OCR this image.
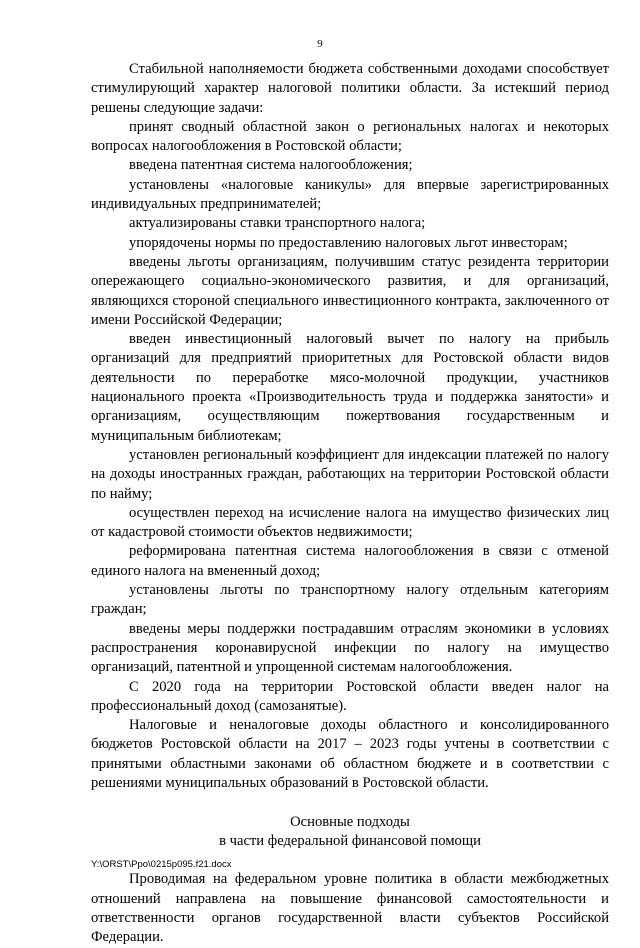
9

Стабильной наполняемости бюджета собственными доходами способствует стимулирующий характер налоговой политики области. За истекший период решены следующие задачи:

принят сводный областной закон о региональных налогах и некоторых вопросах налогообложения в Ростовской области;

введена патентная система налогообложения;

установлены «налоговые каникулы» для впервые зарегистрированных индивидуальных предпринимателей;

актуализированы ставки транспортного налога;

упорядочены нормы по предоставлению налоговых льгот инвесторам;

введены льготы организациям, получившим статус резидента территории опережающего социально-экономического развития, и для организаций, являющихся стороной специального инвестиционного контракта, заключенного от имени Российской Федерации;

введен инвестиционный налоговый вычет по налогу на прибыль организаций для предприятий приоритетных для Ростовской области видов деятельности по переработке мясо-молочной продукции, участников национального проекта «Производительность труда и поддержка занятости» и организациям, осуществляющим пожертвования государственным и муниципальным библиотекам;

установлен региональный коэффициент для индексации платежей по налогу на доходы иностранных граждан, работающих на территории Ростовской области по найму;

осуществлен переход на исчисление налога на имущество физических лиц от кадастровой стоимости объектов недвижимости;

реформирована патентная система налогообложения в связи с отменой единого налога на вмененный доход;

установлены льготы по транспортному налогу отдельным категориям граждан;

введены меры поддержки пострадавшим отраслям экономики в условиях распространения коронавирусной инфекции по налогу на имущество организаций, патентной и упрощенной системам налогообложения.

С 2020 года на территории Ростовской области введен налог на профессиональный доход (самозанятые).

Налоговые и неналоговые доходы областного и консолидированного бюджетов Ростовской области на 2017 – 2023 годы учтены в соответствии с принятыми областными законами об областном бюджете и в соответствии с решениями муниципальных образований в Ростовской области.

Основные подходы
в части федеральной финансовой помощи

Проводимая на федеральном уровне политика в области межбюджетных отношений направлена на повышение финансовой самостоятельности и ответственности органов государственной власти субъектов Российской Федерации.

Y:\ORST\Ppo\0215p095.f21.docx
